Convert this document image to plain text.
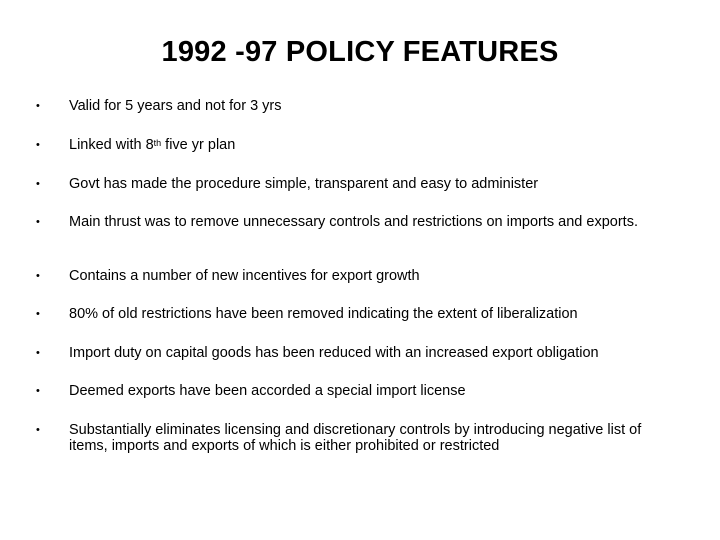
1992 -97 POLICY FEATURES
• Valid for 5 years and not for 3 yrs
• Linked with 8th five yr plan
• Govt has made the procedure simple, transparent and easy to administer
• Main thrust was to remove unnecessary controls and restrictions on imports and exports.
• Contains a number of new incentives for export growth
• 80% of old restrictions have been removed indicating the extent of liberalization
• Import duty on capital goods has been reduced with an increased export obligation
• Deemed exports have been accorded a special import license
• Substantially eliminates licensing and discretionary controls by introducing negative list of items, imports and exports of which is either prohibited or restricted
